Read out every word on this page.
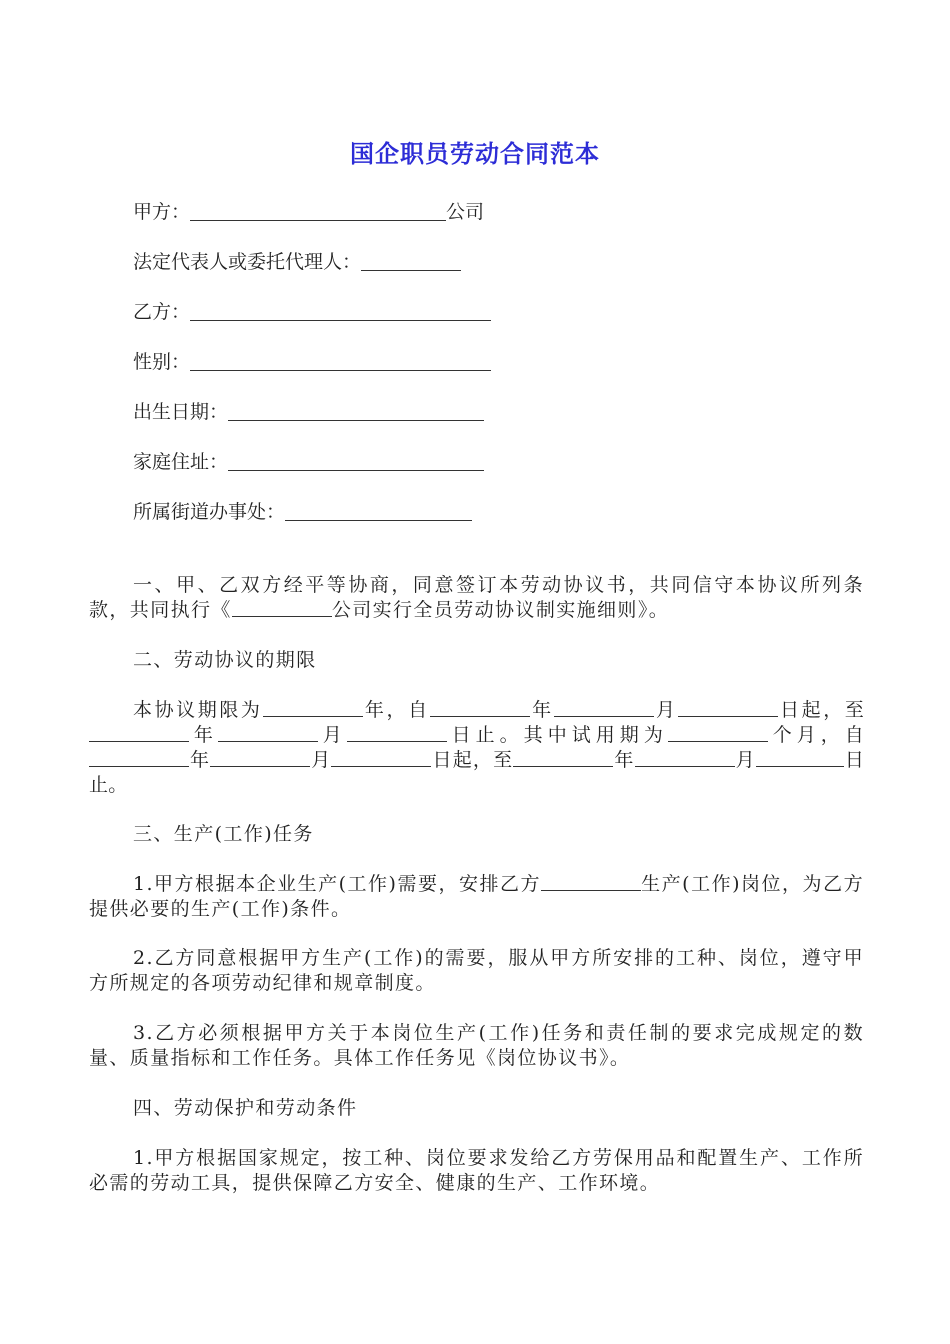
国企职员劳动合同范本
甲方：	公司
法定代表人或委托代理人：
乙方：
性别：
出生日期：
家庭住址：
所属街道办事处：
一、甲、乙双方经平等协商，同意签订本劳动协议书，共同信守本协议所列条款，共同执行《	公司实行全员劳动协议制实施细则》。
二、劳动协议的期限
本协议期限为	年，自	年	月	日起，至年	月	日止。其中试用期为	个月，自年	月	日起，至	年	月	日止。
三、生产(工作)任务
1.甲方根据本企业生产(工作)需要，安排乙方	生产(工作)岗位，为乙方提供必要的生产(工作)条件。
2.乙方同意根据甲方生产(工作)的需要，服从甲方所安排的工种、岗位，遵守甲方所规定的各项劳动纪律和规章制度。
3.乙方必须根据甲方关于本岗位生产(工作)任务和责任制的要求完成规定的数量、质量指标和工作任务。具体工作任务见《岗位协议书》。
四、劳动保护和劳动条件
1.甲方根据国家规定，按工种、岗位要求发给乙方劳保用品和配置生产、工作所必需的劳动工具，提供保障乙方安全、健康的生产、工作环境。
